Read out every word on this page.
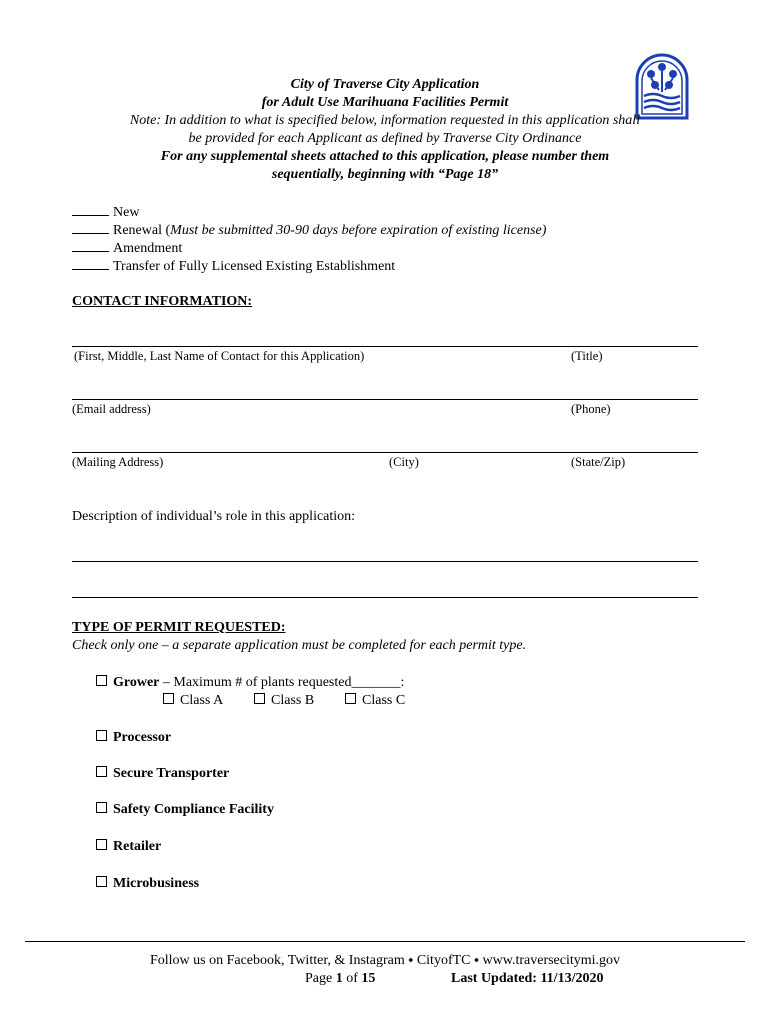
City of Traverse City Application
for Adult Use Marihuana Facilities Permit
Note: In addition to what is specified below, information requested in this application shall
be provided for each Applicant as defined by Traverse City Ordinance
For any supplemental sheets attached to this application, please number them
sequentially, beginning with “Page 18”
New
Renewal (Must be submitted 30-90 days before expiration of existing license)
Amendment
Transfer of Fully Licensed Existing Establishment
CONTACT INFORMATION:
(First, Middle, Last Name of Contact for this Application)	(Title)
(Email address)	(Phone)
(Mailing Address)	(City)	(State/Zip)
Description of individual’s role in this application:
TYPE OF PERMIT REQUESTED:
Check only one – a separate application must be completed for each permit type.
Grower – Maximum # of plants requested_______:
Class A	Class B	Class C
Processor
Secure Transporter
Safety Compliance Facility
Retailer
Microbusiness
Follow us on Facebook, Twitter, & Instagram ⬩ CityofTC ⬩ www.traversecitymi.gov
Page 1 of 15	Last Updated: 11/13/2020
